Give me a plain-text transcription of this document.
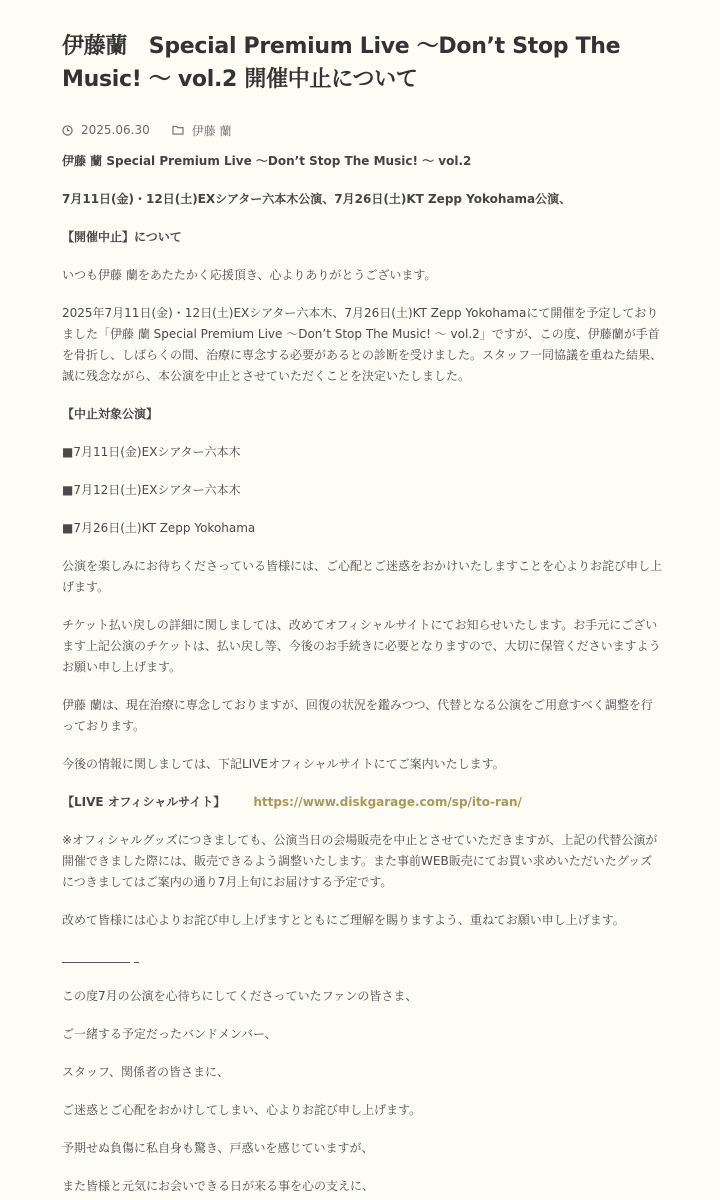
伊藤蘭　Special Premium Live 〜Don’t Stop The Music! 〜 vol.2 開催中止について
2025.06.30	伊藤 蘭

伊藤 蘭 Special Premium Live 〜Don’t Stop The Music! 〜 vol.2

7月11日(金)・12日(土)EXシアター六本木公演、7月26日(土)KT Zepp Yokohama公演、

【開催中止】について

いつも伊藤 蘭をあたたかく応援頂き、心よりありがとうございます。

2025年7月11日(金)・12日(土)EXシアター六本木、7月26日(土)KT Zepp Yokohamaにて開催を予定しておりました「伊藤 蘭 Special Premium Live 〜Don’t Stop The Music! 〜 vol.2」ですが、この度、伊藤蘭が手首を骨折し、しばらくの間、治療に専念する必要があるとの診断を受けました。スタッフ一同協議を重ねた結果、誠に残念ながら、本公演を中止とさせていただくことを決定いたしました。

【中止対象公演】

■7月11日(金)EXシアター六本木

■7月12日(土)EXシアター六本木

■7月26日(土)KT Zepp Yokohama

公演を楽しみにお待ちくださっている皆様には、ご心配とご迷惑をおかけいたしますことを心よりお詫び申し上げます。

チケット払い戻しの詳細に関しましては、改めてオフィシャルサイトにてお知らせいたします。お手元にございます上記公演のチケットは、払い戻し等、今後のお手続きに必要となりますので、大切に保管くださいますようお願い申し上げます。

伊藤 蘭は、現在治療に専念しておりますが、回復の状況を鑑みつつ、代替となる公演をご用意すべく調整を行っております。

今後の情報に関しましては、下記LIVEオフィシャルサイトにてご案内いたします。

【LIVE オフィシャルサイト】 https://www.diskgarage.com/sp/ito-ran/

※オフィシャルグッズにつきましても、公演当日の会場販売を中止とさせていただきますが、上記の代替公演が開催できました際には、販売できるよう調整いたします。また事前WEB販売にてお買い求めいただいたグッズにつきましてはご案内の通り7月上旬にお届けする予定です。

改めて皆様には心よりお詫び申し上げますとともにご理解を賜りますよう、重ねてお願い申し上げます。

この度7月の公演を心待ちにしてくださっていたファンの皆さま、

ご一緒する予定だったバンドメンバー、

スタッフ、関係者の皆さまに、

ご迷惑とご心配をおかけしてしまい、心よりお詫び申し上げます。

予期せぬ負傷に私自身も驚き、戸惑いを感じていますが、

また皆様と元気にお会いできる日が来る事を心の支えに、
